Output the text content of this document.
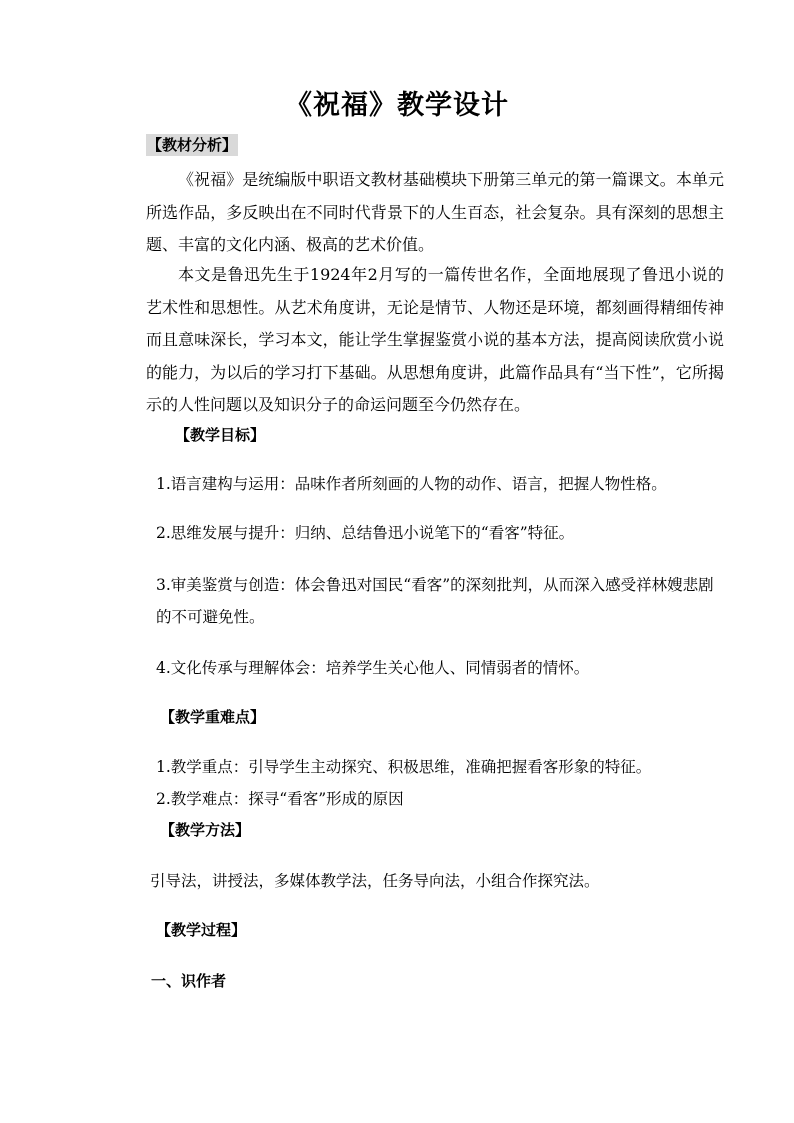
《祝福》教学设计
【教材分析】

《祝福》是统编版中职语文教材基础模块下册第三单元的第一篇课文。本单元所选作品，多反映出在不同时代背景下的人生百态，社会复杂。具有深刻的思想主题、丰富的文化内涵、极高的艺术价值。

本文是鲁迅先生于1924年2月写的一篇传世名作，全面地展现了鲁迅小说的艺术性和思想性。从艺术角度讲，无论是情节、人物还是环境，都刻画得精细传神而且意味深长，学习本文，能让学生掌握鉴赏小说的基本方法，提高阅读欣赏小说的能力，为以后的学习打下基础。从思想角度讲，此篇作品具有“当下性”，它所揭示的人性问题以及知识分子的命运问题至今仍然存在。

【教学目标】

1.语言建构与运用：品味作者所刻画的人物的动作、语言，把握人物性格。

2.思维发展与提升：归纳、总结鲁迅小说笔下的“看客”特征。

3.审美鉴赏与创造：体会鲁迅对国民“看客”的深刻批判，从而深入感受祥林嫂悲剧的不可避免性。

4.文化传承与理解体会：培养学生关心他人、同情弱者的情怀。

【教学重难点】

1.教学重点：引导学生主动探究、积极思维，准确把握看客形象的特征。

2.教学难点：探寻“看客”形成的原因

【教学方法】

引导法，讲授法，多媒体教学法，任务导向法，小组合作探究法。

【教学过程】
一、识作者
